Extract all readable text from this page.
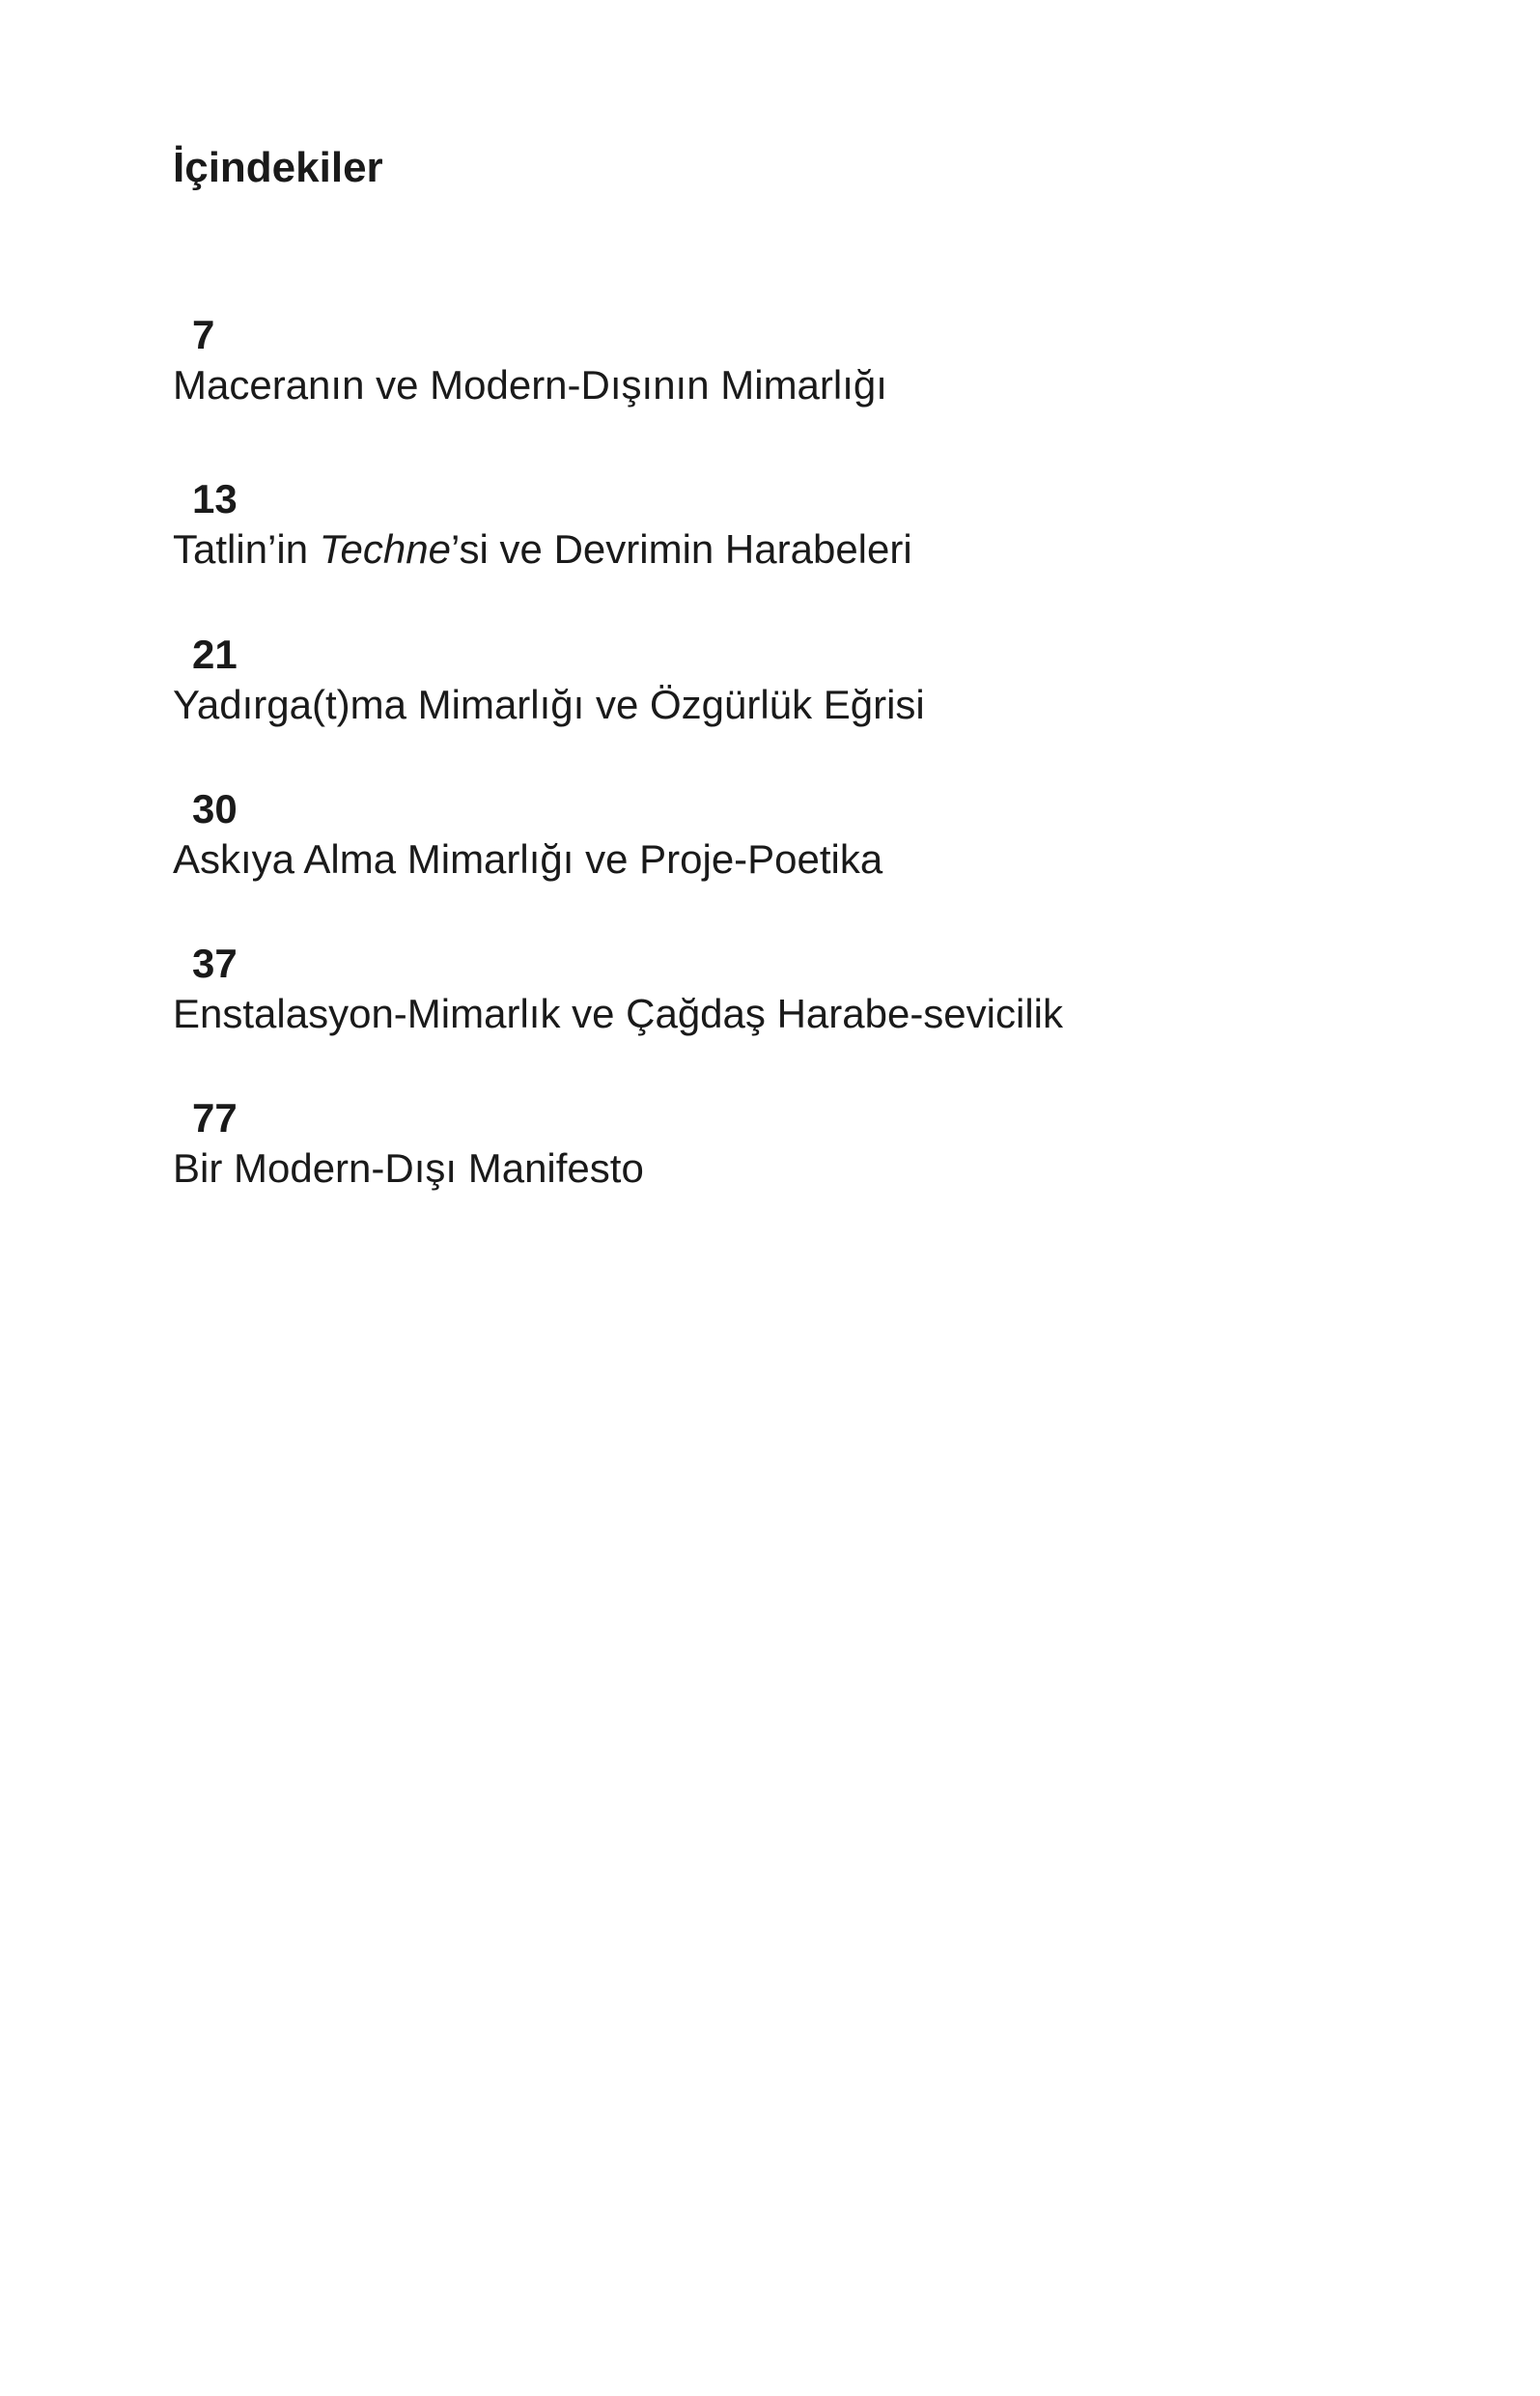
İçindekiler
7
Maceranın ve Modern-Dışının Mimarlığı
13
Tatlin’in Techne’si ve Devrimin Harabeleri
21
Yadırga(t)ma Mimarlığı ve Özgürlük Eğrisi
30
Askıya Alma Mimarlığı ve Proje-Poetika
37
Enstalasyon-Mimarlık ve Çağdaş Harabe-sevicilik
77
Bir Modern-Dışı Manifesto
